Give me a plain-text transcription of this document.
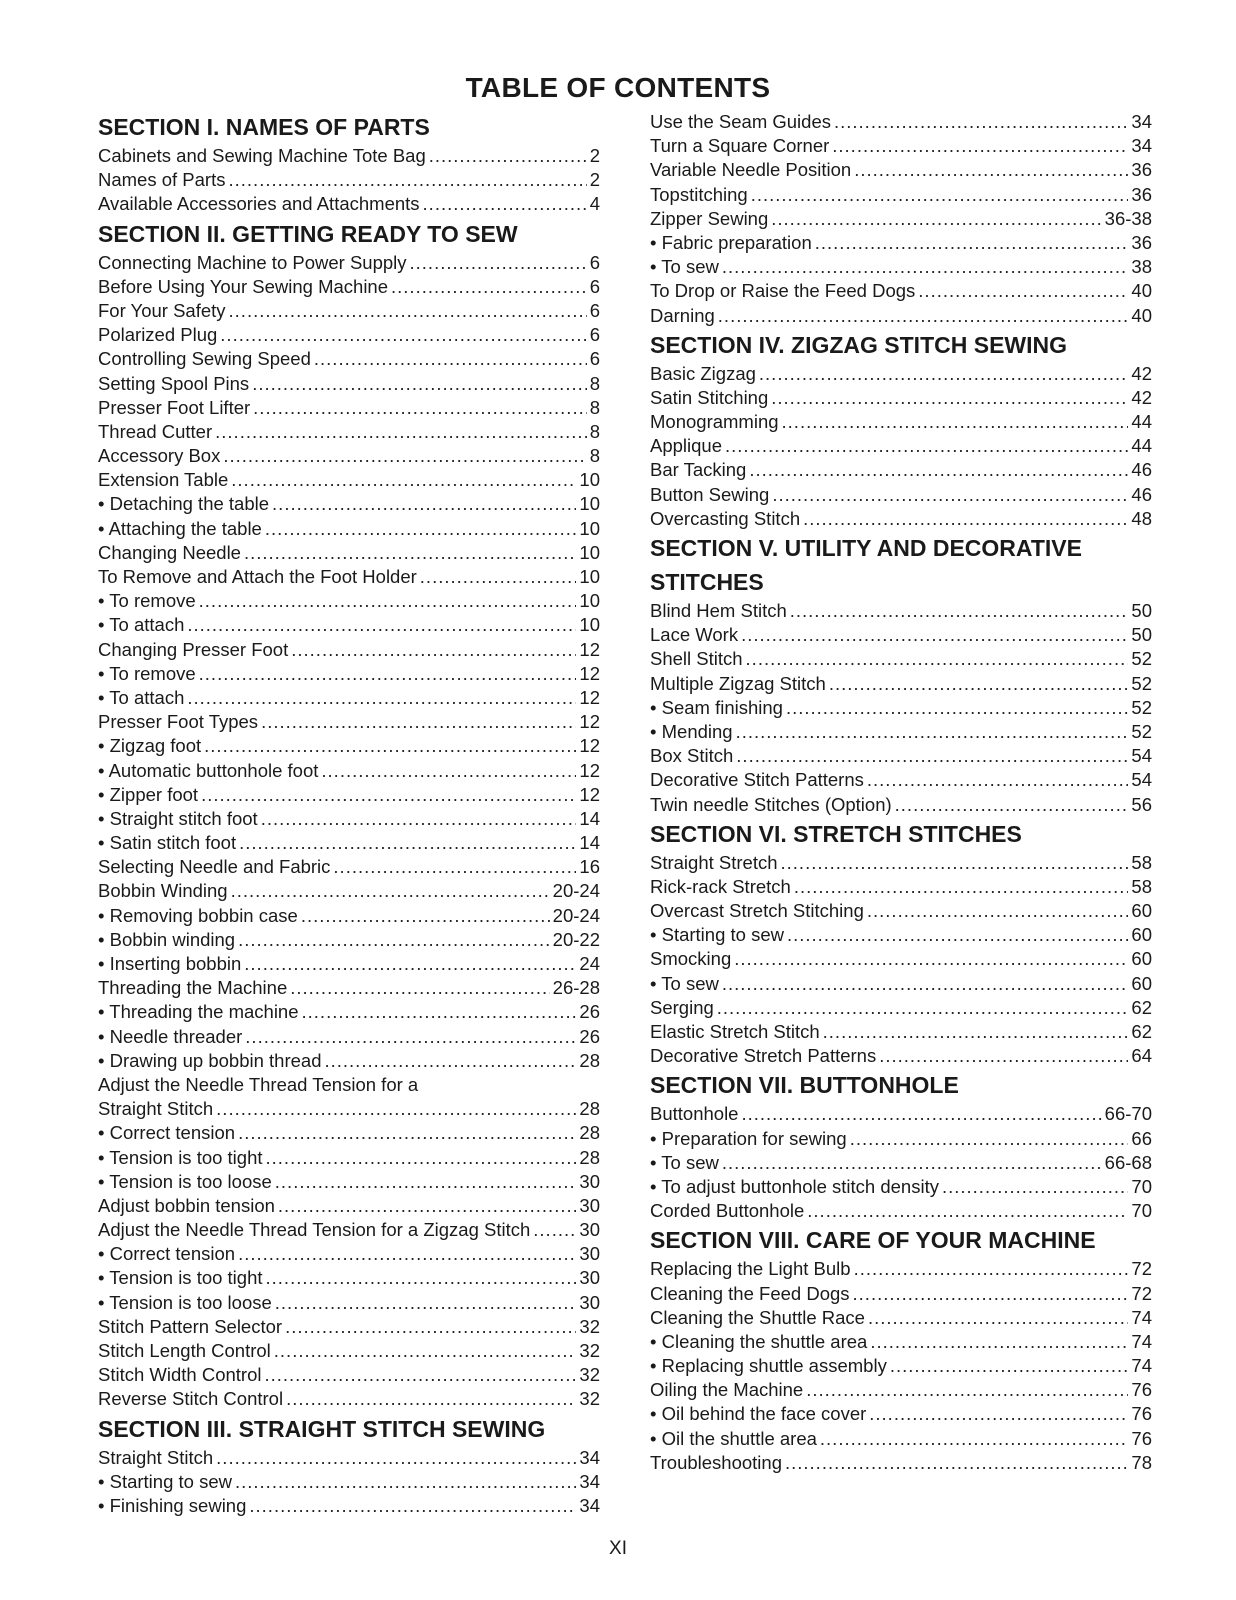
TABLE OF CONTENTS
SECTION I. NAMES OF PARTS
Cabinets and Sewing Machine Tote Bag .....	2
Names of Parts .....	2
Available Accessories and Attachments .....	4
SECTION II. GETTING READY TO SEW
Connecting Machine to Power Supply .....	6
Before Using Your Sewing Machine .....	6
For Your Safety .....	6
Polarized Plug .....	6
Controlling Sewing Speed .....	6
Setting Spool Pins .....	8
Presser Foot Lifter .....	8
Thread Cutter .....	8
Accessory Box .....	8
Extension Table .....	10
• Detaching the table .....	10
• Attaching the table .....	10
Changing Needle .....	10
To Remove and Attach the Foot Holder .....	10
• To remove .....	10
• To attach .....	10
Changing Presser Foot .....	12
• To remove .....	12
• To attach .....	12
Presser Foot Types .....	12
• Zigzag foot .....	12
• Automatic buttonhole foot .....	12
• Zipper foot .....	12
• Straight stitch foot .....	14
• Satin stitch foot .....	14
Selecting Needle and Fabric .....	16
Bobbin Winding .....	20-24
• Removing bobbin case .....	20-24
• Bobbin winding .....	20-22
• Inserting bobbin .....	24
Threading the Machine .....	26-28
• Threading the machine .....	26
• Needle threader .....	26
• Drawing up bobbin thread .....	28
Adjust the Needle Thread Tension for a
Straight Stitch .....	28
• Correct tension .....	28
• Tension is too tight .....	28
• Tension is too loose .....	30
Adjust bobbin tension .....	30
Adjust the Needle Thread Tension for a Zigzag Stitch .....	30
• Correct tension .....	30
• Tension is too tight .....	30
• Tension is too loose .....	30
Stitch Pattern Selector .....	32
Stitch Length Control .....	32
Stitch Width Control .....	32
Reverse Stitch Control .....	32
SECTION III. STRAIGHT STITCH SEWING
Straight Stitch .....	34
• Starting to sew .....	34
• Finishing sewing .....	34
Use the Seam Guides .....	34
Turn a Square Corner .....	34
Variable Needle Position .....	36
Topstitching .....	36
Zipper Sewing .....	36-38
• Fabric preparation .....	36
• To sew .....	38
To Drop or Raise the Feed Dogs .....	40
Darning .....	40
SECTION IV. ZIGZAG STITCH SEWING
Basic Zigzag .....	42
Satin Stitching .....	42
Monogramming .....	44
Applique .....	44
Bar Tacking .....	46
Button Sewing .....	46
Overcasting Stitch .....	48
SECTION V. UTILITY AND DECORATIVE
STITCHES
Blind Hem Stitch .....	50
Lace Work .....	50
Shell Stitch .....	52
Multiple Zigzag Stitch .....	52
• Seam finishing .....	52
• Mending .....	52
Box Stitch .....	54
Decorative Stitch Patterns .....	54
Twin needle Stitches (Option) .....	56
SECTION VI. STRETCH STITCHES
Straight Stretch .....	58
Rick-rack Stretch .....	58
Overcast Stretch Stitching .....	60
• Starting to sew .....	60
Smocking .....	60
• To sew .....	60
Serging .....	62
Elastic Stretch Stitch .....	62
Decorative Stretch Patterns .....	64
SECTION VII. BUTTONHOLE
Buttonhole .....	66-70
• Preparation for sewing .....	66
• To sew .....	66-68
• To adjust buttonhole stitch density .....	70
Corded Buttonhole .....	70
SECTION VIII. CARE OF YOUR MACHINE
Replacing the Light Bulb .....	72
Cleaning the Feed Dogs .....	72
Cleaning the Shuttle Race .....	74
• Cleaning the shuttle area .....	74
• Replacing shuttle assembly .....	74
Oiling the Machine .....	76
• Oil behind the face cover .....	76
• Oil the shuttle area .....	76
Troubleshooting .....	78
XI
